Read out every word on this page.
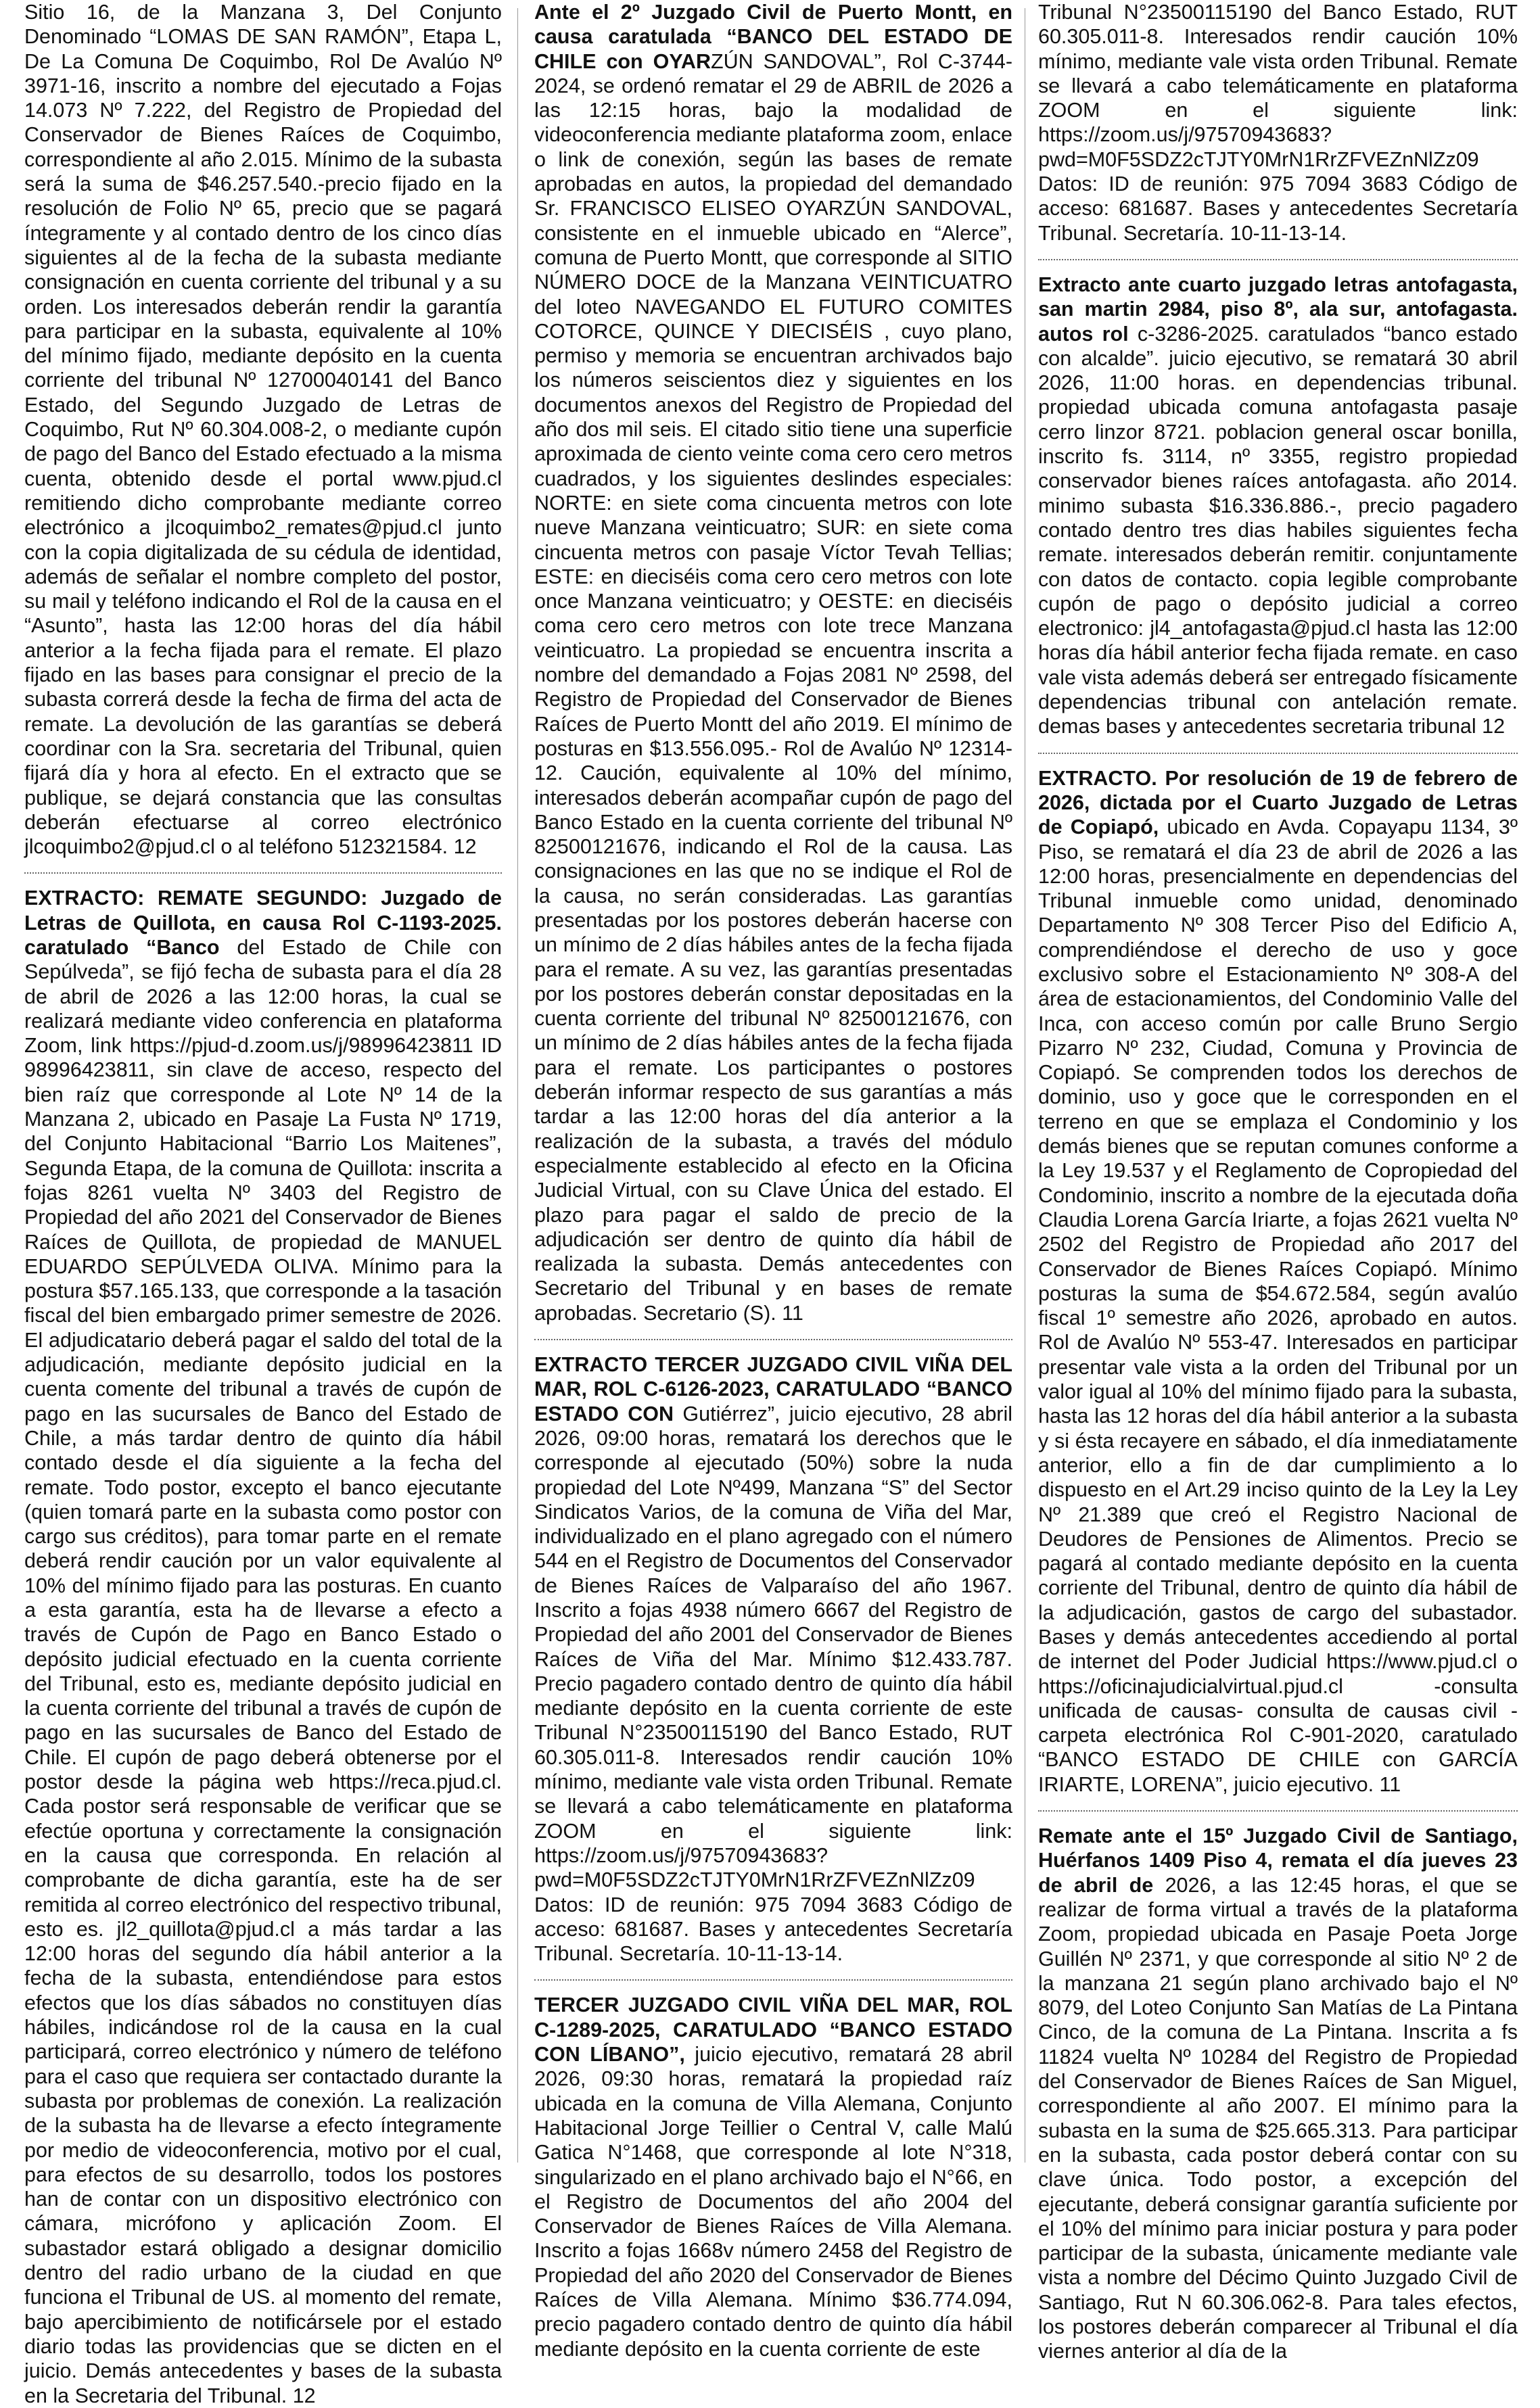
Sitio 16, de la Manzana 3, Del Conjunto Denominado “LOMAS DE SAN RAMÓN”, Etapa L, De La Comuna De Coquimbo, Rol De Avalúo Nº 3971-16, inscrito a nombre del ejecutado a Fojas 14.073 Nº 7.222, del Registro de Propiedad del Conservador de Bienes Raíces de Coquimbo, correspondiente al año 2.015. Mínimo de la subasta será la suma de $46.257.540.-precio fijado en la resolución de Folio Nº 65, precio que se pagará íntegramente y al contado dentro de los cinco días siguientes al de la fecha de la subasta mediante consignación en cuenta corriente del tribunal y a su orden. Los interesados deberán rendir la garantía para participar en la subasta, equivalente al 10% del mínimo fijado, mediante depósito en la cuenta corriente del tribunal Nº 12700040141 del Banco Estado, del Segundo Juzgado de Letras de Coquimbo, Rut Nº 60.304.008-2, o mediante cupón de pago del Banco del Estado efectuado a la misma cuenta, obtenido desde el portal www.pjud.cl remitiendo dicho comprobante mediante correo electrónico a jlcoquimbo2_remates@pjud.cl junto con la copia digitalizada de su cédula de identidad, además de señalar el nombre completo del postor, su mail y teléfono indicando el Rol de la causa en el “Asunto”, hasta las 12:00 horas del día hábil anterior a la fecha fijada para el remate. El plazo fijado en las bases para consignar el precio de la subasta correrá desde la fecha de firma del acta de remate. La devolución de las garantías se deberá coordinar con la Sra. secretaria del Tribunal, quien fijará día y hora al efecto. En el extracto que se publique, se dejará constancia que las consultas deberán efectuarse al correo electrónico jlcoquimbo2@pjud.cl o al teléfono 512321584. 12

EXTRACTO: REMATE SEGUNDO: Juzgado de Letras de Quillota, en causa Rol C-1193-2025. caratulado “Banco del Estado de Chile con Sepúlveda”, se fijó fecha de subasta para el día 28 de abril de 2026 a las 12:00 horas, la cual se realizará mediante video conferencia en plataforma Zoom, link https://pjud-d.zoom.us/j/98996423811 ID 98996423811, sin clave de acceso, respecto del bien raíz que corresponde al Lote Nº 14 de la Manzana 2, ubicado en Pasaje La Fusta Nº 1719, del Conjunto Habitacional “Barrio Los Maitenes”, Segunda Etapa, de la comuna de Quillota: inscrita a fojas 8261 vuelta Nº 3403 del Registro de Propiedad del año 2021 del Conservador de Bienes Raíces de Quillota, de propiedad de MANUEL EDUARDO SEPÚLVEDA OLIVA. Mínimo para la postura $57.165.133, que corresponde a la tasación fiscal del bien embargado primer semestre de 2026. El adjudicatario deberá pagar el saldo del total de la adjudicación, mediante depósito judicial en la cuenta comente del tribunal a través de cupón de pago en las sucursales de Banco del Estado de Chile, a más tardar dentro de quinto día hábil contado desde el día siguiente a la fecha del remate. Todo postor, excepto el banco ejecutante (quien tomará parte en la subasta como postor con cargo sus créditos), para tomar parte en el remate deberá rendir caución por un valor equivalente al 10% del mínimo fijado para las posturas. En cuanto a esta garantía, esta ha de llevarse a efecto a través de Cupón de Pago en Banco Estado o depósito judicial efectuado en la cuenta corriente del Tribunal, esto es, mediante depósito judicial en la cuenta corriente del tribunal a través de cupón de pago en las sucursales de Banco del Estado de Chile. El cupón de pago deberá obtenerse por el postor desde la página web https://reca.pjud.cl. Cada postor será responsable de verificar que se efectúe oportuna y correctamente la consignación en la causa que corresponda. En relación al comprobante de dicha garantía, este ha de ser remitida al correo electrónico del respectivo tribunal, esto es. jl2_quillota@pjud.cl a más tardar a las 12:00 horas del segundo día hábil anterior a la fecha de la subasta, entendiéndose para estos efectos que los días sábados no constituyen días hábiles, indicándose rol de la causa en la cual participará, correo electrónico y número de teléfono para el caso que requiera ser contactado durante la subasta por problemas de conexión. La realización de la subasta ha de llevarse a efecto íntegramente por medio de videoconferencia, motivo por el cual, para efectos de su desarrollo, todos los postores han de contar con un dispositivo electrónico con cámara, micrófono y aplicación Zoom. El subastador estará obligado a designar domicilio dentro del radio urbano de la ciudad en que funciona el Tribunal de US. al momento del remate, bajo apercibimiento de notificársele por el estado diario todas las providencias que se dicten en el juicio. Demás antecedentes y bases de la subasta en la Secretaria del Tribunal. 12

Ante el 2º Juzgado Civil de Puerto Montt, en causa caratulada “BANCO DEL ESTADO DE CHILE con OYARZÚN SANDOVAL”, Rol C-3744-2024, se ordenó rematar el 29 de ABRIL de 2026 a las 12:15 horas, bajo la modalidad de videoconferencia mediante plataforma zoom, enlace o link de conexión, según las bases de remate aprobadas en autos, la propiedad del demandado Sr. FRANCISCO ELISEO OYARZÚN SANDOVAL, consistente en el inmueble ubicado en “Alerce”, comuna de Puerto Montt, que corresponde al SITIO NÚMERO DOCE de la Manzana VEINTICUATRO del loteo NAVEGANDO EL FUTURO COMITES COTORCE, QUINCE Y DIECISÉIS , cuyo plano, permiso y memoria se encuentran archivados bajo los números seiscientos diez y siguientes en los documentos anexos del Registro de Propiedad del año dos mil seis. El citado sitio tiene una superficie aproximada de ciento veinte coma cero cero metros cuadrados, y los siguientes deslindes especiales: NORTE: en siete coma cincuenta metros con lote nueve Manzana veinticuatro; SUR: en siete coma cincuenta metros con pasaje Víctor Tevah Tellias; ESTE: en dieciséis coma cero cero metros con lote once Manzana veinticuatro; y OESTE: en dieciséis coma cero cero metros con lote trece Manzana veinticuatro. La propiedad se encuentra inscrita a nombre del demandado a Fojas 2081 Nº 2598, del Registro de Propiedad del Conservador de Bienes Raíces de Puerto Montt del año 2019. El mínimo de posturas en $13.556.095.- Rol de Avalúo Nº 12314-12. Caución, equivalente al 10% del mínimo, interesados deberán acompañar cupón de pago del Banco Estado en la cuenta corriente del tribunal Nº 82500121676, indicando el Rol de la causa. Las consignaciones en las que no se indique el Rol de la causa, no serán consideradas. Las garantías presentadas por los postores deberán hacerse con un mínimo de 2 días hábiles antes de la fecha fijada para el remate. A su vez, las garantías presentadas por los postores deberán constar depositadas en la cuenta corriente del tribunal Nº 82500121676, con un mínimo de 2 días hábiles antes de la fecha fijada para el remate. Los participantes o postores deberán informar respecto de sus garantías a más tardar a las 12:00 horas del día anterior a la realización de la subasta, a través del módulo especialmente establecido al efecto en la Oficina Judicial Virtual, con su Clave Única del estado. El plazo para pagar el saldo de precio de la adjudicación ser dentro de quinto día hábil de realizada la subasta. Demás antecedentes con Secretario del Tribunal y en bases de remate aprobadas. Secretario (S). 11

EXTRACTO TERCER JUZGADO CIVIL VIÑA DEL MAR, ROL C-6126-2023, CARATULADO “BANCO ESTADO CON Gutiérrez”, juicio ejecutivo, 28 abril 2026, 09:00 horas, rematará los derechos que le corresponde al ejecutado (50%) sobre la nuda propiedad del Lote Nº499, Manzana “S” del Sector Sindicatos Varios, de la comuna de Viña del Mar, individualizado en el plano agregado con el número 544 en el Registro de Documentos del Conservador de Bienes Raíces de Valparaíso del año 1967. Inscrito a fojas 4938 número 6667 del Registro de Propiedad del año 2001 del Conservador de Bienes Raíces de Viña del Mar. Mínimo $12.433.787. Precio pagadero contado dentro de quinto día hábil mediante depósito en la cuenta corriente de este Tribunal N°23500115190 del Banco Estado, RUT 60.305.011-8. Interesados rendir caución 10% mínimo, mediante vale vista orden Tribunal. Remate se llevará a cabo telemáticamente en plataforma ZOOM en el siguiente link: https://zoom.us/j/97570943683?pwd=M0F5SDZ2cTJTY0MrN1RrZFVEZnNlZz09 Datos: ID de reunión: 975 7094 3683 Código de acceso: 681687. Bases y antecedentes Secretaría Tribunal. Secretaría. 10-11-13-14.

TERCER JUZGADO CIVIL VIÑA DEL MAR, ROL C-1289-2025, CARATULADO “BANCO ESTADO CON LÍBANO”, juicio ejecutivo, rematará 28 abril 2026, 09:30 horas, rematará la propiedad raíz ubicada en la comuna de Villa Alemana, Conjunto Habitacional Jorge Teillier o Central V, calle Malú Gatica N°1468, que corresponde al lote N°318, singularizado en el plano archivado bajo el N°66, en el Registro de Documentos del año 2004 del Conservador de Bienes Raíces de Villa Alemana. Inscrito a fojas 1668v número 2458 del Registro de Propiedad del año 2020 del Conservador de Bienes Raíces de Villa Alemana. Mínimo $36.774.094, precio pagadero contado dentro de quinto día hábil mediante depósito en la cuenta corriente de este

Tribunal N°23500115190 del Banco Estado, RUT 60.305.011-8. Interesados rendir caución 10% mínimo, mediante vale vista orden Tribunal. Remate se llevará a cabo telemáticamente en plataforma ZOOM en el siguiente link: https://zoom.us/j/97570943683?pwd=M0F5SDZ2cTJTY0MrN1RrZFVEZnNlZz09 Datos: ID de reunión: 975 7094 3683 Código de acceso: 681687. Bases y antecedentes Secretaría Tribunal. Secretaría. 10-11-13-14.

Extracto ante cuarto juzgado letras antofagasta, san martin 2984, piso 8º, ala sur, antofagasta. autos rol c-3286-2025. caratulados “banco estado con alcalde”. juicio ejecutivo, se rematará 30 abril 2026, 11:00 horas. en dependencias tribunal. propiedad ubicada comuna antofagasta pasaje cerro linzor 8721. poblacion general oscar bonilla, inscrito fs. 3114, nº 3355, registro propiedad conservador bienes raíces antofagasta. año 2014. minimo subasta $16.336.886.-, precio pagadero contado dentro tres dias habiles siguientes fecha remate. interesados deberán remitir. conjuntamente con datos de contacto. copia legible comprobante cupón de pago o depósito judicial a correo electronico: jl4_antofagasta@pjud.cl hasta las 12:00 horas día hábil anterior fecha fijada remate. en caso vale vista además deberá ser entregado físicamente dependencias tribunal con antelación remate. demas bases y antecedentes secretaria tribunal 12

EXTRACTO. Por resolución de 19 de febrero de 2026, dictada por el Cuarto Juzgado de Letras de Copiapó, ubicado en Avda. Copayapu 1134, 3º Piso, se rematará el día 23 de abril de 2026 a las 12:00 horas, presencialmente en dependencias del Tribunal inmueble como unidad, denominado Departamento Nº 308 Tercer Piso del Edificio A, comprendiéndose el derecho de uso y goce exclusivo sobre el Estacionamiento Nº 308-A del área de estacionamientos, del Condominio Valle del Inca, con acceso común por calle Bruno Sergio Pizarro Nº 232, Ciudad, Comuna y Provincia de Copiapó. Se comprenden todos los derechos de dominio, uso y goce que le corresponden en el terreno en que se emplaza el Condominio y los demás bienes que se reputan comunes conforme a la Ley 19.537 y el Reglamento de Copropiedad del Condominio, inscrito a nombre de la ejecutada doña Claudia Lorena García Iriarte, a fojas 2621 vuelta Nº 2502 del Registro de Propiedad año 2017 del Conservador de Bienes Raíces Copiapó. Mínimo posturas la suma de $54.672.584, según avalúo fiscal 1º semestre año 2026, aprobado en autos. Rol de Avalúo Nº 553-47. Interesados en participar presentar vale vista a la orden del Tribunal por un valor igual al 10% del mínimo fijado para la subasta, hasta las 12 horas del día hábil anterior a la subasta y si ésta recayere en sábado, el día inmediatamente anterior, ello a fin de dar cumplimiento a lo dispuesto en el Art.29 inciso quinto de la Ley la Ley Nº 21.389 que creó el Registro Nacional de Deudores de Pensiones de Alimentos. Precio se pagará al contado mediante depósito en la cuenta corriente del Tribunal, dentro de quinto día hábil de la adjudicación, gastos de cargo del subastador. Bases y demás antecedentes accediendo al portal de internet del Poder Judicial https://www.pjud.cl o https://oficinajudicialvirtual.pjud.cl -consulta unificada de causas- consulta de causas civil - carpeta electrónica Rol C-901-2020, caratulado “BANCO ESTADO DE CHILE con GARCÍA IRIARTE, LORENA”, juicio ejecutivo. 11

Remate ante el 15º Juzgado Civil de Santiago, Huérfanos 1409 Piso 4, remata el día jueves 23 de abril de 2026, a las 12:45 horas, el que se realizar de forma virtual a través de la plataforma Zoom, propiedad ubicada en Pasaje Poeta Jorge Guillén Nº 2371, y que corresponde al sitio Nº 2 de la manzana 21 según plano archivado bajo el Nº 8079, del Loteo Conjunto San Matías de La Pintana Cinco, de la comuna de La Pintana. Inscrita a fs 11824 vuelta Nº 10284 del Registro de Propiedad del Conservador de Bienes Raíces de San Miguel, correspondiente al año 2007. El mínimo para la subasta en la suma de $25.665.313. Para participar en la subasta, cada postor deberá contar con su clave única. Todo postor, a excepción del ejecutante, deberá consignar garantía suficiente por el 10% del mínimo para iniciar postura y para poder participar de la subasta, únicamente mediante vale vista a nombre del Décimo Quinto Juzgado Civil de Santiago, Rut N 60.306.062-8. Para tales efectos, los postores deberán comparecer al Tribunal el día viernes anterior al día de la
